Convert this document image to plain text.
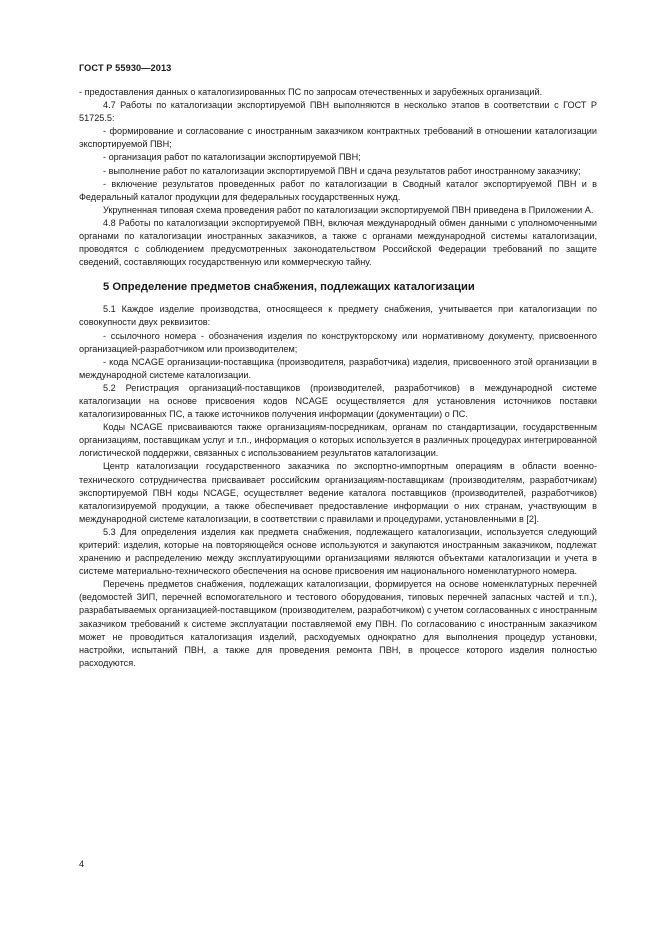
ГОСТ Р 55930—2013

- предоставления данных о каталогизированных ПС по запросам отечественных и зарубежных организаций.

4.7 Работы по каталогизации экспортируемой ПВН выполняются в несколько этапов в соответствии с ГОСТ Р 51725.5:

- формирование и согласование с иностранным заказчиком контрактных требований в отношении каталогизации экспортируемой ПВН;

- организация работ по каталогизации экспортируемой ПВН;

- выполнение работ по каталогизации экспортируемой ПВН и сдача результатов работ иностранному заказчику;

- включение результатов проведенных работ по каталогизации в Сводный каталог экспортируемой ПВН и в Федеральный каталог продукции для федеральных государственных нужд.

Укрупненная типовая схема проведения работ по каталогизации экспортируемой ПВН приведена в Приложении А.

4.8 Работы по каталогизации экспортируемой ПВН, включая международный обмен данными с уполномоченными органами по каталогизации иностранных заказчиков, а также с органами международной системы каталогизации, проводятся с соблюдением предусмотренных законодательством Российской Федерации требований по защите сведений, составляющих государственную или коммерческую тайну.

5 Определение предметов снабжения, подлежащих каталогизации

5.1 Каждое изделие производства, относящееся к предмету снабжения, учитывается при каталогизации по совокупности двух реквизитов:

- ссылочного номера - обозначения изделия по конструкторскому или нормативному документу, присвоенного организацией-разработчиком или производителем;

- кода NCAGE организации-поставщика (производителя, разработчика) изделия, присвоенного этой организации в международной системе каталогизации.

5.2 Регистрация организаций-поставщиков (производителей, разработчиков) в международной системе каталогизации на основе присвоения кодов NCAGE осуществляется для установления источников поставки каталогизированных ПС, а также источников получения информации (документации) о ПС.

Коды NCAGE присваиваются также организациям-посредникам, органам по стандартизации, государственным организациям, поставщикам услуг и т.п., информация о которых используется в различных процедурах интегрированной логистической поддержки, связанных с использованием результатов каталогизации.

Центр каталогизации государственного заказчика по экспортно-импортным операциям в области военно-технического сотрудничества присваивает российским организациям-поставщикам (производителям, разработчикам) экспортируемой ПВН коды NCAGE, осуществляет ведение каталога поставщиков (производителей, разработчиков) каталогизируемой продукции, а также обеспечивает предоставление информации о них странам, участвующим в международной системе каталогизации, в соответствии с правилами и процедурами, установленными в [2].

5.3 Для определения изделия как предмета снабжения, подлежащего каталогизации, используется следующий критерий: изделия, которые на повторяющейся основе используются и закупаются иностранным заказчиком, подлежат хранению и распределению между эксплуатирующими организациями являются объектами каталогизации и учета в системе материально-технического обеспечения на основе присвоения им национального номенклатурного номера.

Перечень предметов снабжения, подлежащих каталогизации, формируется на основе номенклатурных перечней (ведомостей ЗИП, перечней вспомогательного и тестового оборудования, типовых перечней запасных частей и т.п.), разрабатываемых организацией-поставщиком (производителем, разработчиком) с учетом согласованных с иностранным заказчиком требований к системе эксплуатации поставляемой ему ПВН. По согласованию с иностранным заказчиком может не проводиться каталогизация изделий, расходуемых однократно для выполнения процедур установки, настройки, испытаний ПВН, а также для проведения ремонта ПВН, в процессе которого изделия полностью расходуются.

4
